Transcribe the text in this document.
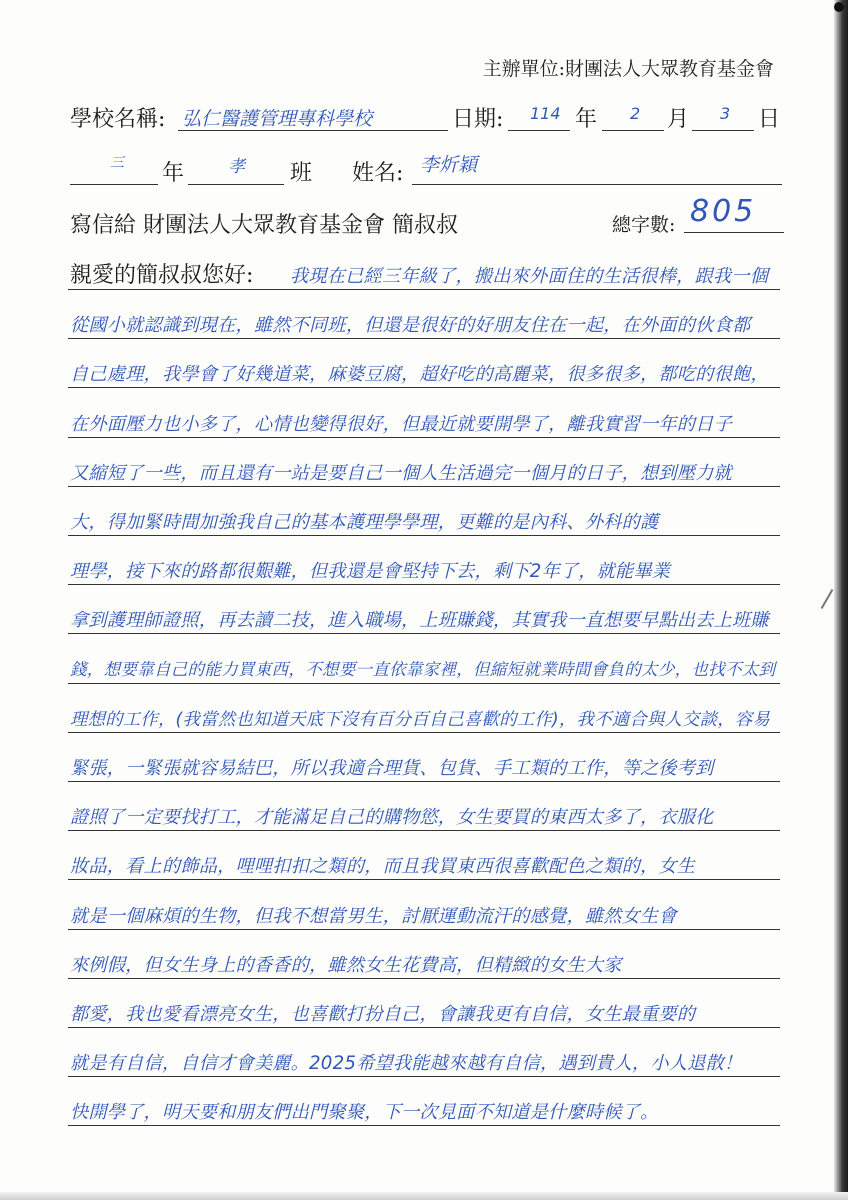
主辦單位:財團法人大眾教育基金會
學校名稱: 弘仁醫護管理專科學校	日期: 114 年 2 月 3 日
三 年	孝 班 姓名: 李炘穎
寫信給 財團法人大眾教育基金會 簡叔叔	總字數: 805
親愛的簡叔叔您好: 我現在已經三年級了，搬出來外面住的生活很棒，跟我一個
從國小就認識到現在，雖然不同班，但還是很好的好朋友住在一起，在外面的伙食都
自己處理，我學會了好幾道菜，麻婆豆腐，超好吃的高麗菜，很多很多，都吃的很飽，
在外面壓力也小多了，心情也變得很好，但最近就要開學了，離我實習一年的日子
又縮短了一些，而且還有一站是要自己一個人生活過完一個月的日子，想到壓力就
大，得加緊時間加強我自己的基本護理學學理，更難的是內科、外科的護
理學，接下來的路都很艱難，但我還是會堅持下去，剩下2年了，就能畢業
拿到護理師證照，再去讀二技，進入職場，上班賺錢，其實我一直想要早點出去上班賺
錢，想要靠自己的能力買東西，不想要一直依靠家裡，但縮短就業時間會負的太少，也找不太到
理想的工作，(我當然也知道天底下沒有百分百自己喜歡的工作)，我不適合與人交談，容易
緊張，一緊張就容易結巴，所以我適合理貨、包貨、手工類的工作，等之後考到
證照了一定要找打工，才能滿足自己的購物慾，女生要買的東西太多了，衣服化
妝品，看上的飾品，哩哩扣扣之類的，而且我買東西很喜歡配色之類的，女生
就是一個麻煩的生物，但我不想當男生，討厭運動流汗的感覺，雖然女生會
來例假，但女生身上的香香的，雖然女生花費高，但精緻的女生大家
都愛，我也愛看漂亮女生，也喜歡打扮自己，會讓我更有自信，女生最重要的
就是有自信，自信才會美麗。2025希望我能越來越有自信，遇到貴人，小人退散！
快開學了，明天要和朋友們出門聚聚，下一次見面不知道是什麼時候了。
